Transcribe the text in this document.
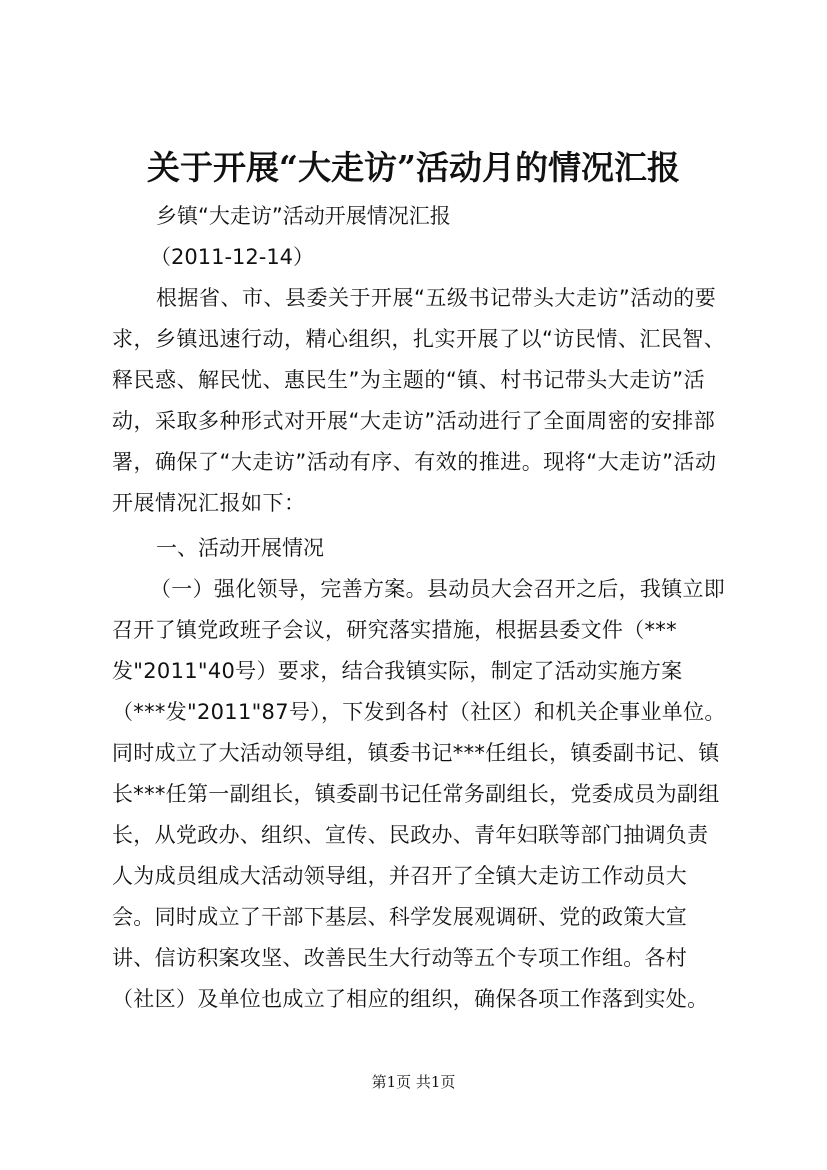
关于开展“大走访”活动月的情况汇报

乡镇“大走访”活动开展情况汇报

（2011-12-14）

根据省、市、县委关于开展“五级书记带头大走访”活动的要求，乡镇迅速行动，精心组织，扎实开展了以“访民情、汇民智、释民惑、解民忧、惠民生”为主题的“镇、村书记带头大走访”活动，采取多种形式对开展“大走访”活动进行了全面周密的安排部署，确保了“大走访”活动有序、有效的推进。现将“大走访”活动开展情况汇报如下：

一、活动开展情况

（一）强化领导，完善方案。县动员大会召开之后，我镇立即召开了镇党政班子会议，研究落实措施，根据县委文件（***发"2011"40号）要求，结合我镇实际，制定了活动实施方案（***发"2011"87号），下发到各村（社区）和机关企事业单位。同时成立了大活动领导组，镇委书记***任组长，镇委副书记、镇长***任第一副组长，镇委副书记任常务副组长，党委成员为副组长，从党政办、组织、宣传、民政办、青年妇联等部门抽调负责人为成员组成大活动领导组，并召开了全镇大走访工作动员大会。同时成立了干部下基层、科学发展观调研、党的政策大宣讲、信访积案攻坚、改善民生大行动等五个专项工作组。各村（社区）及单位也成立了相应的组织，确保各项工作落到实处。

第1页 共1页
